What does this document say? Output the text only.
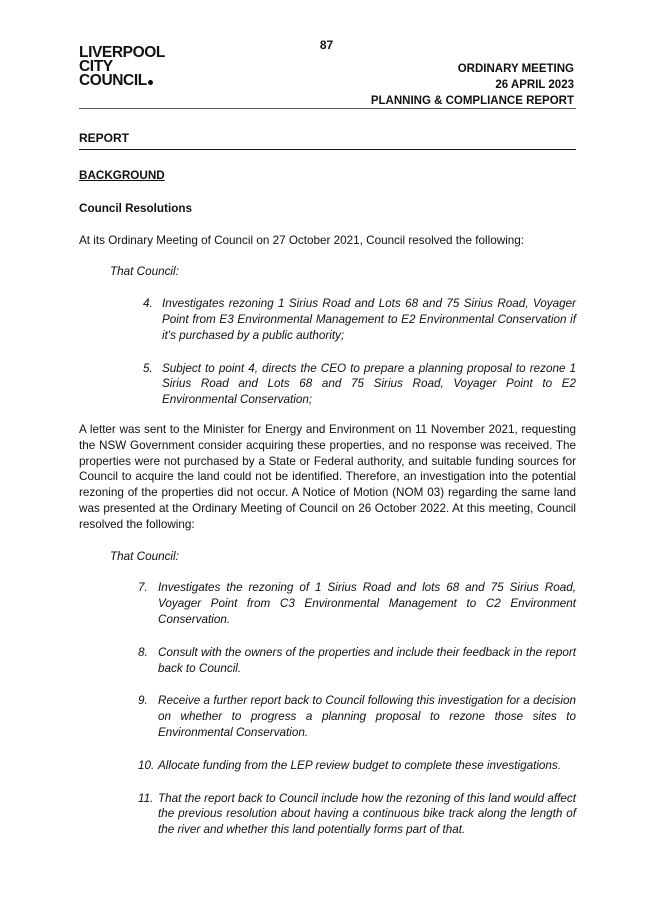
87
LIVERPOOL
CITY
COUNCIL
ORDINARY MEETING
26 APRIL 2023
PLANNING & COMPLIANCE REPORT
REPORT

BACKGROUND

Council Resolutions

At its Ordinary Meeting of Council on 27 October 2021, Council resolved the following:

That Council:

4. Investigates rezoning 1 Sirius Road and Lots 68 and 75 Sirius Road, Voyager Point from E3 Environmental Management to E2 Environmental Conservation if it's purchased by a public authority;
5. Subject to point 4, directs the CEO to prepare a planning proposal to rezone 1 Sirius Road and Lots 68 and 75 Sirius Road, Voyager Point to E2 Environmental Conservation;

A letter was sent to the Minister for Energy and Environment on 11 November 2021, requesting the NSW Government consider acquiring these properties, and no response was received. The properties were not purchased by a State or Federal authority, and suitable funding sources for Council to acquire the land could not be identified. Therefore, an investigation into the potential rezoning of the properties did not occur. A Notice of Motion (NOM 03) regarding the same land was presented at the Ordinary Meeting of Council on 26 October 2022. At this meeting, Council resolved the following:

That Council:

7. Investigates the rezoning of 1 Sirius Road and lots 68 and 75 Sirius Road, Voyager Point from C3 Environmental Management to C2 Environment Conservation.
8. Consult with the owners of the properties and include their feedback in the report back to Council.
9. Receive a further report back to Council following this investigation for a decision on whether to progress a planning proposal to rezone those sites to Environmental Conservation.
10. Allocate funding from the LEP review budget to complete these investigations.
11. That the report back to Council include how the rezoning of this land would affect the previous resolution about having a continuous bike track along the length of the river and whether this land potentially forms part of that.
